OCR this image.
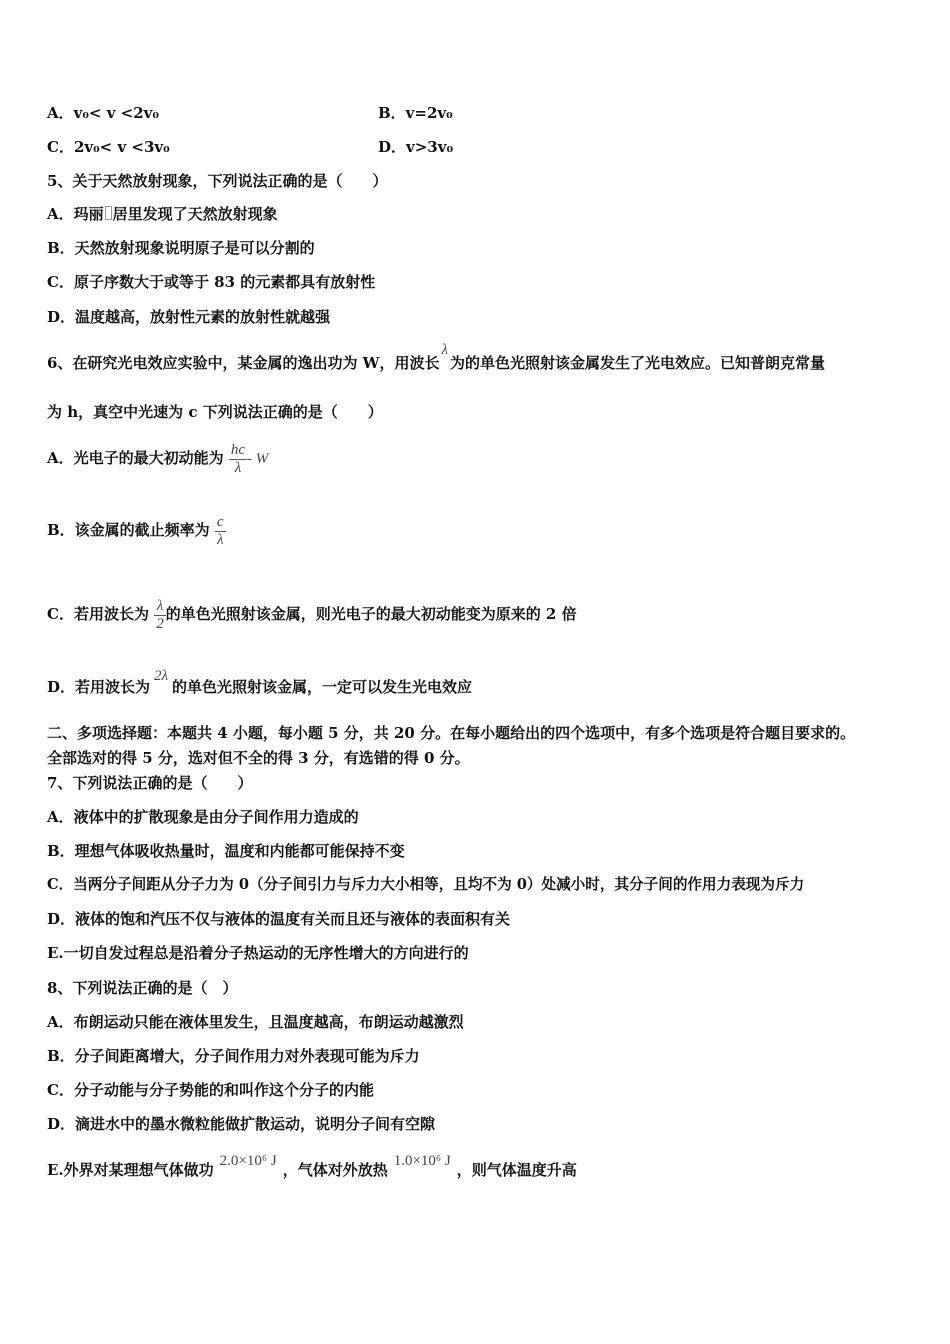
A．v₀< v <2v₀	B．v=2v₀
C．2v₀< v <3v₀	D．v>3v₀
5、关于天然放射现象，下列说法正确的是（　　）
A．玛丽 居里发现了天然放射现象
B．天然放射现象说明原子是可以分割的
C．原子序数大于或等于 83 的元素都具有放射性
D．温度越高，放射性元素的放射性就越强
6、在研究光电效应实验中，某金属的逸出功为 W，用波长λ为的单色光照射该金属发生了光电效应。已知普朗克常量
为 h，真空中光速为 c 下列说法正确的是（　　）
A．光电子的最大初动能为 $\frac{hc}{\lambda}$ - W
B．该金属的截止频率为 $\frac{c}{\lambda}$
C．若用波长为 $\frac{\lambda}{2}$ 的单色光照射该金属，则光电子的最大初动能变为原来的 2 倍
D．若用波长为2λ的单色光照射该金属，一定可以发生光电效应
二、多项选择题：本题共 4 小题，每小题 5 分，共 20 分。在每小题给出的四个选项中，有多个选项是符合题目要求的。
全部选对的得 5 分，选对但不全的得 3 分，有选错的得 0 分。
7、下列说法正确的是（　　）
A．液体中的扩散现象是由分子间作用力造成的
B．理想气体吸收热量时，温度和内能都可能保持不变
C．当两分子间距从分子力为 0（分子间引力与斥力大小相等，且均不为 0）处减小时，其分子间的作用力表现为斥力
D．液体的饱和汽压不仅与液体的温度有关而且还与液体的表面积有关
E.一切自发过程总是沿着分子热运动的无序性增大的方向进行的
8、下列说法正确的是（　）
A．布朗运动只能在液体里发生，且温度越高，布朗运动越激烈
B．分子间距离增大，分子间作用力对外表现可能为斥力
C．分子动能与分子势能的和叫作这个分子的内能
D．滴进水中的墨水微粒能做扩散运动，说明分子间有空隙
E.外界对某理想气体做功 2.0×10⁶ J ，气体对外放热 1.0×10⁶ J ，则气体温度升高
